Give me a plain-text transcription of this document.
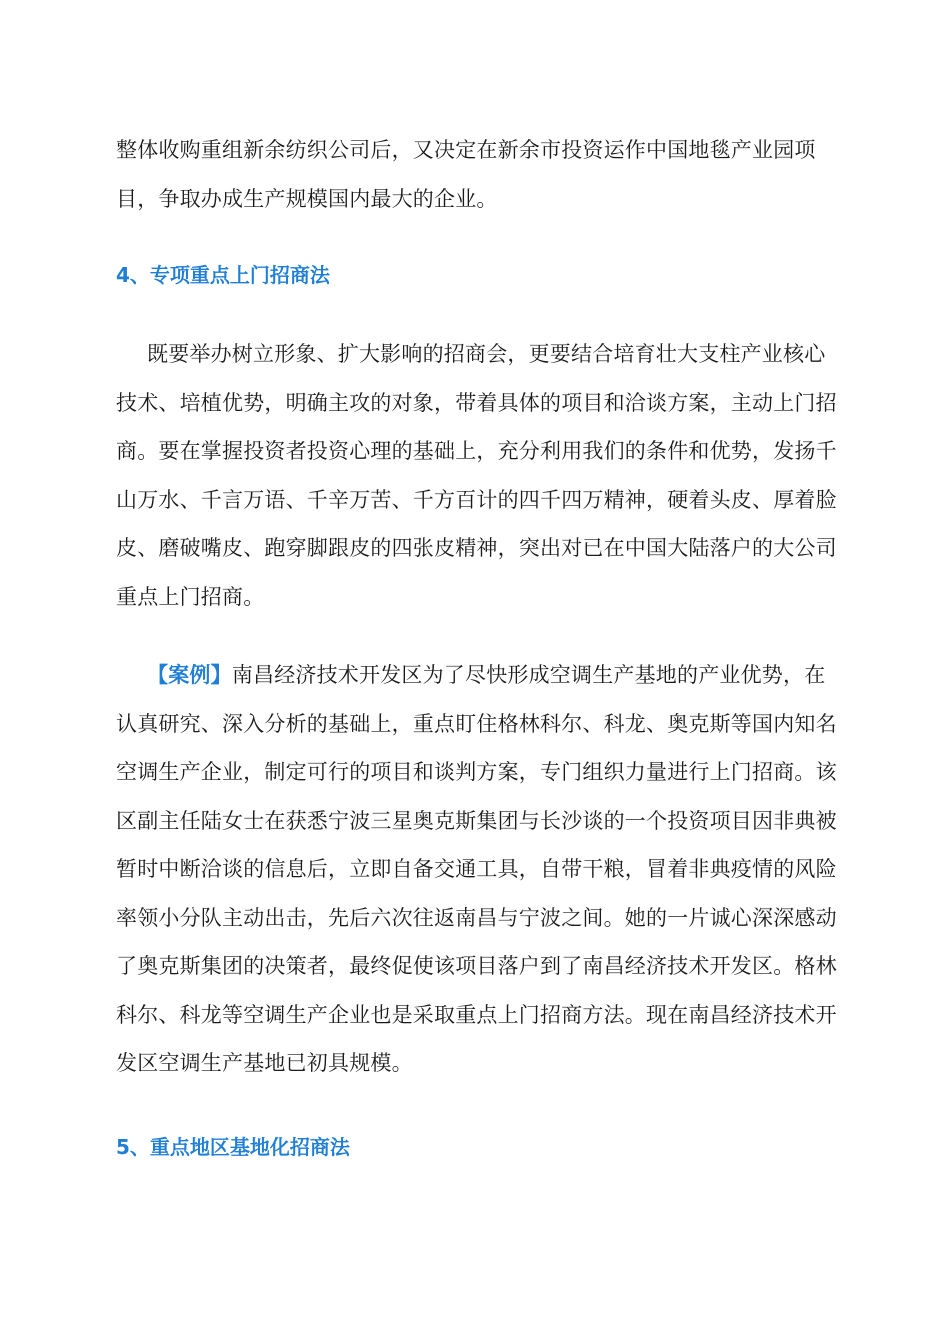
整体收购重组新余纺织公司后，又决定在新余市投资运作中国地毯产业园项目，争取办成生产规模国内最大的企业。

4、专项重点上门招商法

既要举办树立形象、扩大影响的招商会，更要结合培育壮大支柱产业核心技术、培植优势，明确主攻的对象，带着具体的项目和洽谈方案，主动上门招商。要在掌握投资者投资心理的基础上，充分利用我们的条件和优势，发扬千山万水、千言万语、千辛万苦、千方百计的四千四万精神，硬着头皮、厚着脸皮、磨破嘴皮、跑穿脚跟皮的四张皮精神，突出对已在中国大陆落户的大公司重点上门招商。

【案例】南昌经济技术开发区为了尽快形成空调生产基地的产业优势，在认真研究、深入分析的基础上，重点盯住格林科尔、科龙、奥克斯等国内知名空调生产企业，制定可行的项目和谈判方案，专门组织力量进行上门招商。该区副主任陆女士在获悉宁波三星奥克斯集团与长沙谈的一个投资项目因非典被暂时中断洽谈的信息后，立即自备交通工具，自带干粮，冒着非典疫情的风险率领小分队主动出击，先后六次往返南昌与宁波之间。她的一片诚心深深感动了奥克斯集团的决策者，最终促使该项目落户到了南昌经济技术开发区。格林科尔、科龙等空调生产企业也是采取重点上门招商方法。现在南昌经济技术开发区空调生产基地已初具规模。

5、重点地区基地化招商法
